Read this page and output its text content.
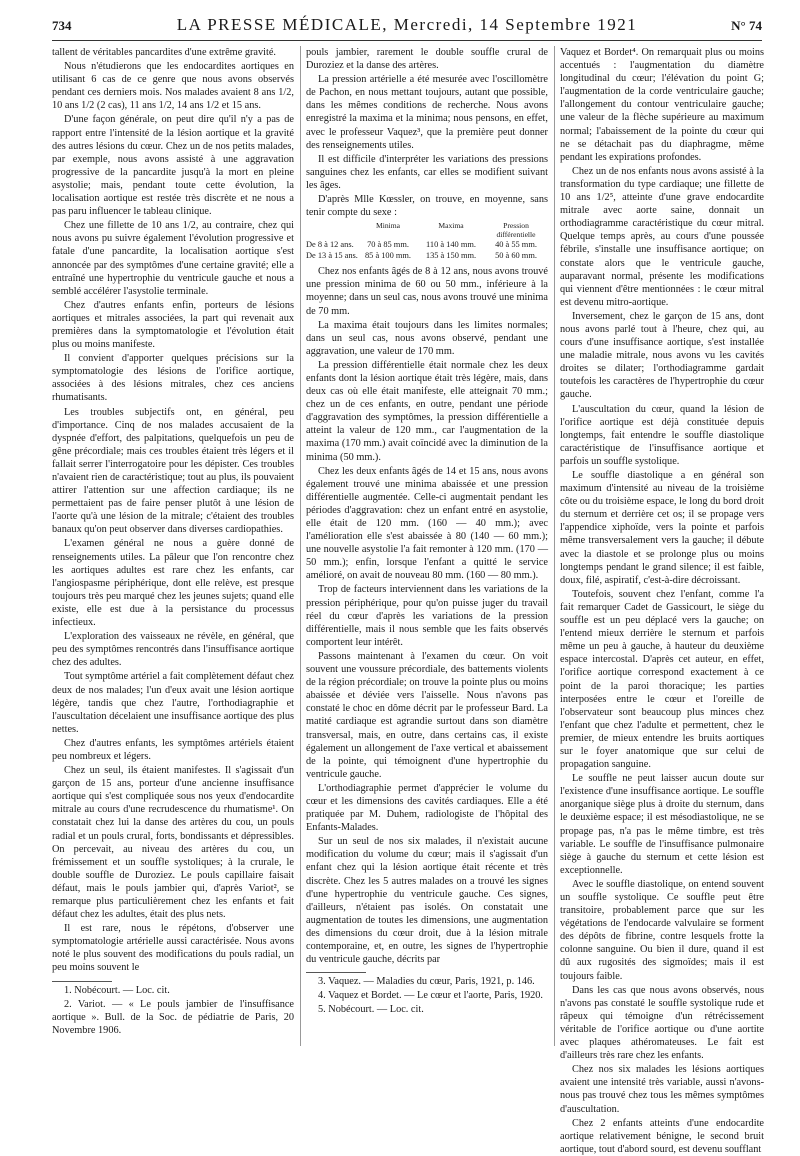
734	LA PRESSE MÉDICALE, Mercredi, 14 Septembre 1921	N° 74

tallent de véritables pancardites d'une extrême gravité.

Nous n'étudierons que les endocardites aortiques en utilisant 6 cas de ce genre que nous avons observés pendant ces derniers mois. Nos malades avaient 8 ans 1/2, 10 ans 1/2 (2 cas), 11 ans 1/2, 14 ans 1/2 et 15 ans.

D'une façon générale, on peut dire qu'il n'y a pas de rapport entre l'intensité de la lésion aortique et la gravité des autres lésions du cœur. Chez un de nos petits malades, par exemple, nous avons assisté à une aggravation progressive de la pancardite jusqu'à la mort en pleine asystolie; mais, pendant toute cette évolution, la localisation aortique est restée très discrète et ne nous a pas paru influencer le tableau clinique.

Chez une fillette de 10 ans 1/2, au contraire, chez qui nous avons pu suivre également l'évolution progressive et fatale d'une pancardite, la localisation aortique s'est annoncée par des symptômes d'une certaine gravité; elle a entraîné une hypertrophie du ventricule gauche et nous a semblé accélérer l'asystolie terminale.

Chez d'autres enfants enfin, porteurs de lésions aortiques et mitrales associées, la part qui revenait aux premières dans la symptomatologie et l'évolution était plus ou moins manifeste.

Il convient d'apporter quelques précisions sur la symptomatologie des lésions de l'orifice aortique, associées à des lésions mitrales, chez ces anciens rhumatisants.

Les troubles subjectifs ont, en général, peu d'importance. Cinq de nos malades accusaient de la dyspnée d'effort, des palpitations, quelquefois un peu de gêne précordiale; mais ces troubles étaient très légers et il fallait serrer l'interrogatoire pour les dépister. Ces troubles n'avaient rien de caractéristique; tout au plus, ils pouvaient attirer l'attention sur une affection cardiaque; ils ne permettaient pas de faire penser plutôt à une lésion de l'aorte qu'à une lésion de la mitrale; c'étaient des troubles banaux qu'on peut observer dans diverses cardiopathies.

L'examen général ne nous a guère donné de renseignements utiles. La pâleur que l'on rencontre chez les aortiques adultes est rare chez les enfants, car l'angiospasme périphérique, dont elle relève, est presque toujours très peu marqué chez les jeunes sujets; quand elle existe, elle est due à la persistance du processus infectieux.

L'exploration des vaisseaux ne révèle, en général, que peu des symptômes rencontrés dans l'insuffisance aortique chez des adultes.

Tout symptôme artériel a fait complètement défaut chez deux de nos malades; l'un d'eux avait une lésion aortique légère, tandis que chez l'autre, l'orthodiagraphie et l'auscultation décelaient une insuffisance aortique des plus nettes.

Chez d'autres enfants, les symptômes artériels étaient peu nombreux et légers.

Chez un seul, ils étaient manifestes. Il s'agissait d'un garçon de 15 ans, porteur d'une ancienne insuffisance aortique qui s'est compliquée sous nos yeux d'endocardite mitrale au cours d'une recrudescence du rhumatisme¹. On constatait chez lui la danse des artères du cou, un pouls radial et un pouls crural, forts, bondissants et dépressibles. On percevait, au niveau des artères du cou, un frémissement et un souffle systoliques; à la crurale, le double souffle de Duroziez. Le pouls capillaire faisait défaut, mais le pouls jambier qui, d'après Variot², se remarque plus particulièrement chez les enfants et fait défaut chez les adultes, était des plus nets.

Il est rare, nous le répétons, d'observer une symptomatologie artérielle aussi caractérisée. Nous avons noté le plus souvent des modifications du pouls radial, un peu moins souvent le

1. Nobécourt. — Loc. cit.

2. Variot. — « Le pouls jambier de l'insuffisance aortique ». Bull. de la Soc. de pédiatrie de Paris, 20 Novembre 1906.

pouls jambier, rarement le double souffle crural de Duroziez et la danse des artères.

La pression artérielle a été mesurée avec l'oscillomètre de Pachon, en nous mettant toujours, autant que possible, dans les mêmes conditions de recherche. Nous avons enregistré la maxima et la minima; nous pensons, en effet, avec le professeur Vaquez³, que la première peut donner des renseignements utiles.

Il est difficile d'interpréter les variations des pressions sanguines chez les enfants, car elles se modifient suivant les âges.

D'après Mlle Kœssler, on trouve, en moyenne, sans tenir compte du sexe :

Minima	Maxima	Pression différentielle
De 8 à 12 ans.	70 à 85 mm.	110 à 140 mm.	40 à 55 mm.
De 13 à 15 ans. 85 à 100 mm.	135 à 150 mm.	50 à 60 mm.

Chez nos enfants âgés de 8 à 12 ans, nous avons trouvé une pression minima de 60 ou 50 mm., inférieure à la moyenne; dans un seul cas, nous avons trouvé une minima de 70 mm.

La maxima était toujours dans les limites normales; dans un seul cas, nous avons observé, pendant une aggravation, une valeur de 170 mm.

La pression différentielle était normale chez les deux enfants dont la lésion aortique était très légère, mais, dans deux cas où elle était manifeste, elle atteignait 70 mm.; chez un de ces enfants, en outre, pendant une période d'aggravation des symptômes, la pression différentielle a atteint la valeur de 120 mm., car l'augmentation de la maxima (170 mm.) avait coïncidé avec la diminution de la minima (50 mm.).

Chez les deux enfants âgés de 14 et 15 ans, nous avons également trouvé une minima abaissée et une pression différentielle augmentée. Celle-ci augmentait pendant les périodes d'aggravation: chez un enfant entré en asystolie, elle était de 120 mm. (160 — 40 mm.); avec l'amélioration elle s'est abaissée à 80 (140 — 60 mm.); une nouvelle asystolie l'a fait remonter à 120 mm. (170 — 50 mm.); enfin, lorsque l'enfant a quitté le service amélioré, on avait de nouveau 80 mm. (160 — 80 mm.).

Trop de facteurs interviennent dans les variations de la pression périphérique, pour qu'on puisse juger du travail réel du cœur d'après les variations de la pression différentielle, mais il nous semble que les faits observés comportent leur intérêt.

Passons maintenant à l'examen du cœur. On voit souvent une voussure précordiale, des battements violents de la région précordiale; on trouve la pointe plus ou moins abaissée et déviée vers l'aisselle. Nous n'avons pas constaté le choc en dôme décrit par le professeur Bard. La matité cardiaque est agrandie surtout dans son diamètre transversal, mais, en outre, dans certains cas, il existe également un allongement de l'axe vertical et abaissement de la pointe, qui témoignent d'une hypertrophie du ventricule gauche.

L'orthodiagraphie permet d'apprécier le volume du cœur et les dimensions des cavités cardiaques. Elle a été pratiquée par M. Duhem, radiologiste de l'hôpital des Enfants-Malades.

Sur un seul de nos six malades, il n'existait aucune modification du volume du cœur; mais il s'agissait d'un enfant chez qui la lésion aortique était récente et très discrète. Chez les 5 autres malades on a trouvé les signes d'une hypertrophie du ventricule gauche. Ces signes, d'ailleurs, n'étaient pas isolés. On constatait une augmentation de toutes les dimensions, une augmentation des dimensions du cœur droit, due à la lésion mitrale contemporaine, et, en outre, les signes de l'hypertrophie du ventricule gauche, décrits par

3. Vaquez. — Maladies du cœur, Paris, 1921, p. 146.

4. Vaquez et Bordet. — Le cœur et l'aorte, Paris, 1920.

5. Nobécourt. — Loc. cit.

Vaquez et Bordet⁴. On remarquait plus ou moins accentués : l'augmentation du diamètre longitudinal du cœur; l'élévation du point G; l'augmentation de la corde ventriculaire gauche; l'allongement du contour ventriculaire gauche; une valeur de la flèche supérieure au maximum normal; l'abaissement de la pointe du cœur qui ne se détachait pas du diaphragme, même pendant les expirations profondes.

Chez un de nos enfants nous avons assisté à la transformation du type cardiaque; une fillette de 10 ans 1/2⁵, atteinte d'une grave endocardite mitrale avec aorte saine, donnait un orthodiagramme caractéristique du cœur mitral. Quelque temps après, au cours d'une poussée fébrile, s'installe une insuffisance aortique; on constate alors que le ventricule gauche, auparavant normal, présente les modifications qui viennent d'être mentionnées : le cœur mitral est devenu mitro-aortique.

Inversement, chez le garçon de 15 ans, dont nous avons parlé tout à l'heure, chez qui, au cours d'une insuffisance aortique, s'est installée une maladie mitrale, nous avons vu les cavités droites se dilater; l'orthodiagramme gardait toutefois les caractères de l'hypertrophie du cœur gauche.

L'auscultation du cœur, quand la lésion de l'orifice aortique est déjà constituée depuis longtemps, fait entendre le souffle diastolique caractéristique de l'insuffisance aortique et parfois un souffle systolique.

Le souffle diastolique a en général son maximum d'intensité au niveau de la troisième côte ou du troisième espace, le long du bord droit du sternum et derrière cet os; il se propage vers l'appendice xiphoïde, vers la pointe et parfois même transversalement vers la gauche; il débute avec la diastole et se prolonge plus ou moins longtemps pendant le grand silence; il est faible, doux, filé, aspiratif, c'est-à-dire décroissant.

Toutefois, souvent chez l'enfant, comme l'a fait remarquer Cadet de Gassicourt, le siège du souffle est un peu déplacé vers la gauche; on l'entend mieux derrière le sternum et parfois même un peu à gauche, à hauteur du deuxième espace intercostal. D'après cet auteur, en effet, l'orifice aortique correspond exactement à ce point de la paroi thoracique; les parties interposées entre le cœur et l'oreille de l'observateur sont beaucoup plus minces chez l'enfant que chez l'adulte et permettent, chez le premier, de mieux entendre les bruits aortiques sur le foyer anatomique que sur celui de propagation sanguine.

Le souffle ne peut laisser aucun doute sur l'existence d'une insuffisance aortique. Le souffle anorganique siège plus à droite du sternum, dans le deuxième espace; il est mésodiastolique, ne se propage pas, n'a pas le même timbre, est très variable. Le souffle de l'insuffisance pulmonaire siège à gauche du sternum et cette lésion est exceptionnelle.

Avec le souffle diastolique, on entend souvent un souffle systolique. Ce souffle peut être transitoire, probablement parce que sur les végétations de l'endocarde valvulaire se forment des dépôts de fibrine, contre lesquels frotte la colonne sanguine. Ou bien il dure, quand il est dû aux rugosités des sigmoïdes; mais il est toujours faible.

Dans les cas que nous avons observés, nous n'avons pas constaté le souffle systolique rude et râpeux qui témoigne d'un rétrécissement véritable de l'orifice aortique ou d'une aortite avec plaques athéromateuses. Le fait est d'ailleurs très rare chez les enfants.

Chez nos six malades les lésions aortiques avaient une intensité très variable, aussi n'avons-nous pas trouvé chez tous les mêmes symptômes d'auscultation.

Chez 2 enfants atteints d'une endocardite aortique relativement bénigne, le second bruit aortique, tout d'abord sourd, est devenu soufflant
